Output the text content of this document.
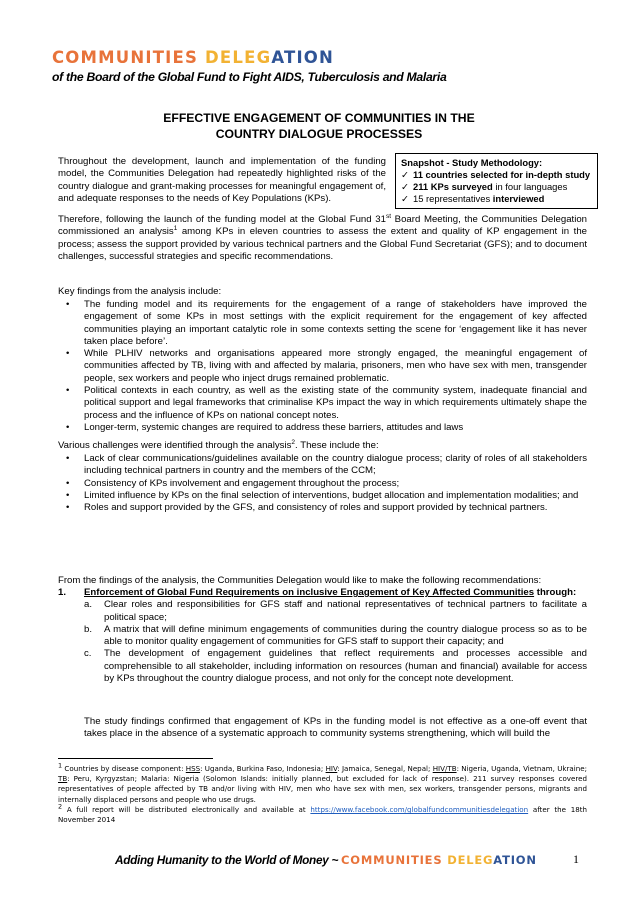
COMMUNITIES DELEGATION
of the Board of the Global Fund to Fight AIDS, Tuberculosis and Malaria
EFFECTIVE ENGAGEMENT OF COMMUNITIES IN THE
COUNTRY DIALOGUE PROCESSES
Snapshot - Study Methodology:
✓ 11 countries selected for in-depth study
✓ 211 KPs surveyed in four languages
✓ 15 representatives interviewed
Throughout the development, launch and implementation of the funding model, the Communities Delegation had repeatedly highlighted risks of the country dialogue and grant-making processes for meaningful engagement of, and adequate responses to the needs of Key Populations (KPs).
Therefore, following the launch of the funding model at the Global Fund 31st Board Meeting, the Communities Delegation commissioned an analysis$^1$ among KPs in eleven countries to assess the extent and quality of KP engagement in the process; assess the support provided by various technical partners and the Global Fund Secretariat (GFS); and to document challenges, successful strategies and specific recommendations.
Key findings from the analysis include:
• The funding model and its requirements for the engagement of a range of stakeholders have improved the engagement of some KPs in most settings with the explicit requirement for the engagement of key affected communities playing an important catalytic role in some contexts setting the scene for ‘engagement like it has never taken place before’.
• While PLHIV networks and organisations appeared more strongly engaged, the meaningful engagement of communities affected by TB, living with and affected by malaria, prisoners, men who have sex with men, transgender people, sex workers and people who inject drugs remained problematic.
• Political contexts in each country, as well as the existing state of the community system, inadequate financial and political support and legal frameworks that criminalise KPs impact the way in which requirements ultimately shape the process and the influence of KPs on national concept notes.
• Longer-term, systemic changes are required to address these barriers, attitudes and laws
Various challenges were identified through the analysis$^2$. These include the:
• Lack of clear communications/guidelines available on the country dialogue process; clarity of roles of all stakeholders including technical partners in country and the members of the CCM;
• Consistency of KPs involvement and engagement throughout the process;
• Limited influence by KPs on the final selection of interventions, budget allocation and implementation modalities; and
• Roles and support provided by the GFS, and consistency of roles and support provided by technical partners.
From the findings of the analysis, the Communities Delegation would like to make the following recommendations:
1.	Enforcement of Global Fund Requirements on inclusive Engagement of Key Affected Communities through:
a.	Clear roles and responsibilities for GFS staff and national representatives of technical partners to facilitate a political space;
b.	A matrix that will define minimum engagements of communities during the country dialogue process so as to be able to monitor quality engagement of communities for GFS staff to support their capacity; and
c.	The development of engagement guidelines that reflect requirements and processes accessible and comprehensible to all stakeholder, including information on resources (human and financial) available for access by KPs throughout the country dialogue process, and not only for the concept note development.
The study findings confirmed that engagement of KPs in the funding model is not effective as a one-off event that takes place in the absence of a systematic approach to community systems strengthening, which will build the
$^1$ Countries by disease component: HSS: Uganda, Burkina Faso, Indonesia; HIV: Jamaica, Senegal, Nepal; HIV/TB: Nigeria, Uganda, Vietnam, Ukraine; TB: Peru, Kyrgyzstan; Malaria: Nigeria (Solomon Islands: initially planned, but excluded for lack of response). 211 survey responses covered representatives of people affected by TB and/or living with HIV, men who have sex with men, sex workers, transgender persons, migrants and internally displaced persons and people who use drugs.
$^2$ A full report will be distributed electronically and available at https://www.facebook.com/globalfundcommunitiesdelegation after the 18th November 2014
Adding Humanity to the World of Money ~ COMMUNITIES DELEGATION	1
